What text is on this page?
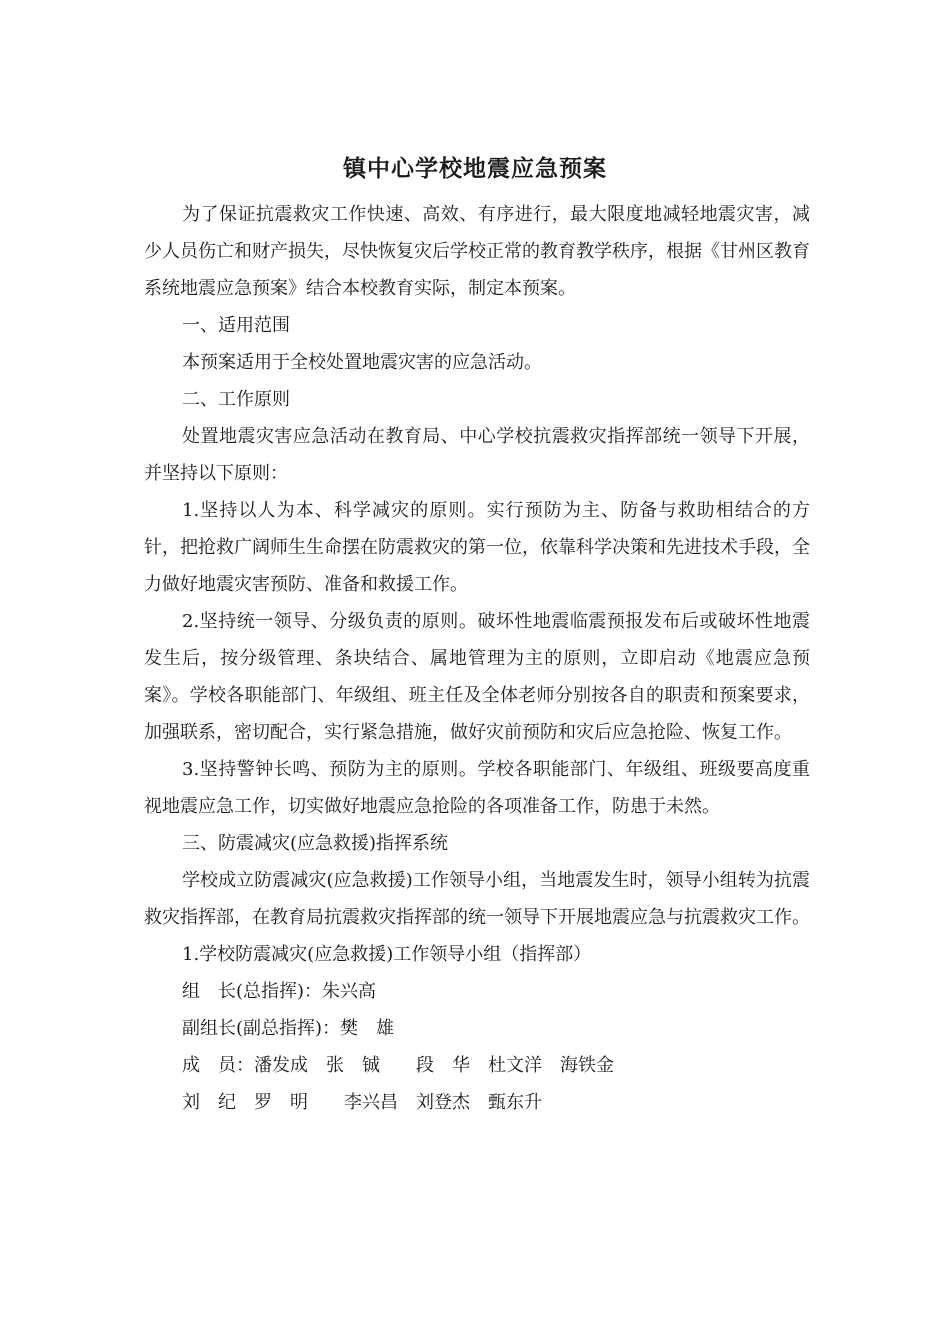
镇中心学校地震应急预案

为了保证抗震救灾工作快速、高效、有序进行，最大限度地减轻地震灾害，减少人员伤亡和财产损失，尽快恢复灾后学校正常的教育教学秩序，根据《甘州区教育系统地震应急预案》结合本校教育实际，制定本预案。

一、适用范围

本预案适用于全校处置地震灾害的应急活动。

二、工作原则

处置地震灾害应急活动在教育局、中心学校抗震救灾指挥部统一领导下开展，并坚持以下原则：

1.坚持以人为本、科学减灾的原则。实行预防为主、防备与救助相结合的方针，把抢救广阔师生生命摆在防震救灾的第一位，依靠科学决策和先进技术手段，全力做好地震灾害预防、准备和救援工作。

2.坚持统一领导、分级负责的原则。破坏性地震临震预报发布后或破坏性地震发生后，按分级管理、条块结合、属地管理为主的原则，立即启动《地震应急预案》。学校各职能部门、年级组、班主任及全体老师分别按各自的职责和预案要求，加强联系，密切配合，实行紧急措施，做好灾前预防和灾后应急抢险、恢复工作。

3.坚持警钟长鸣、预防为主的原则。学校各职能部门、年级组、班级要高度重视地震应急工作，切实做好地震应急抢险的各项准备工作，防患于未然。

三、防震减灾(应急救援)指挥系统

学校成立防震减灾(应急救援)工作领导小组，当地震发生时，领导小组转为抗震救灾指挥部，在教育局抗震救灾指挥部的统一领导下开展地震应急与抗震救灾工作。

1.学校防震减灾(应急救援)工作领导小组（指挥部）

组　长(总指挥)：朱兴高

副组长(副总指挥)：樊　雄

成　员：潘发成　张　铖　　段　华　杜文洋　海铁金

刘　纪　罗　明　　李兴昌　刘登杰　甄东升
